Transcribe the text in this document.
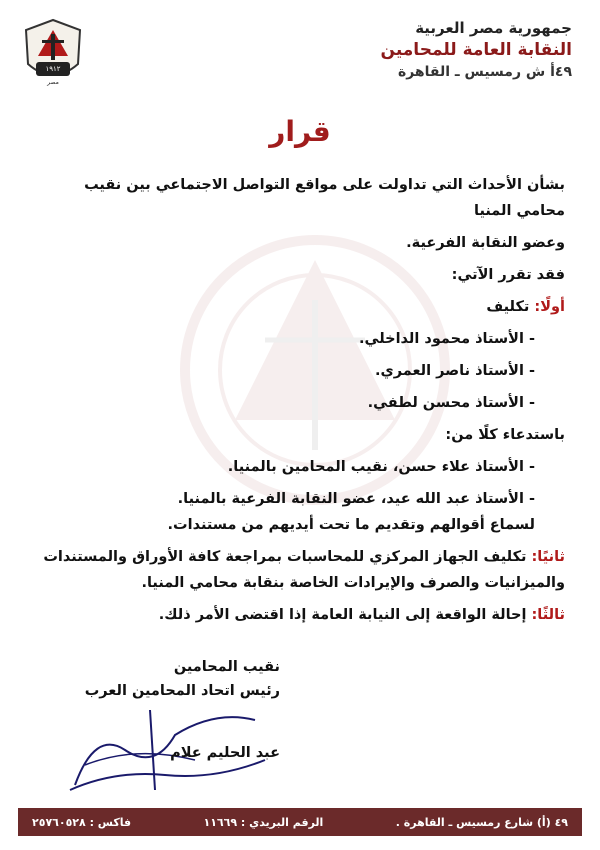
١٩١٢
مصر
جمهورية مصر العربية
النقابة العامة للمحامين
٤٩أ ش رمسيس ـ القاهرة
قرار

بشأن الأحداث التي تداولت على مواقع التواصل الاجتماعي بين نقيب محامي المنيا

وعضو النقابة الفرعية.

فقد تقرر الآتي:

أولًا: تكليف

- الأستاذ محمود الداخلي.

- الأستاذ ناصر العمري.

- الأستاذ محسن لطفي.

باستدعاء كلًا من:

- الأستاذ علاء حسن، نقيب المحامين بالمنيا.

- الأستاذ عبد الله عيد، عضو النقابة الفرعية بالمنيا.

لسماع أقوالهم وتقديم ما تحت أيديهم من مستندات.

ثانيًا: تكليف الجهاز المركزي للمحاسبات بمراجعة كافة الأوراق والمستندات

والميزانيات والصرف والإيرادات الخاصة بنقابة محامي المنيا.

ثالثًا: إحالة الواقعة إلى النيابة العامة إذا اقتضى الأمر ذلك.

نقيب المحامين
رئيس اتحاد المحامين العرب
عبد الحليم علام
٤٩ (أ) شارع رمسيس ـ القاهرة .
الرقم البريدي : ١١٦٦٩
فاكس : ٢٥٧٦٠٥٢٨
